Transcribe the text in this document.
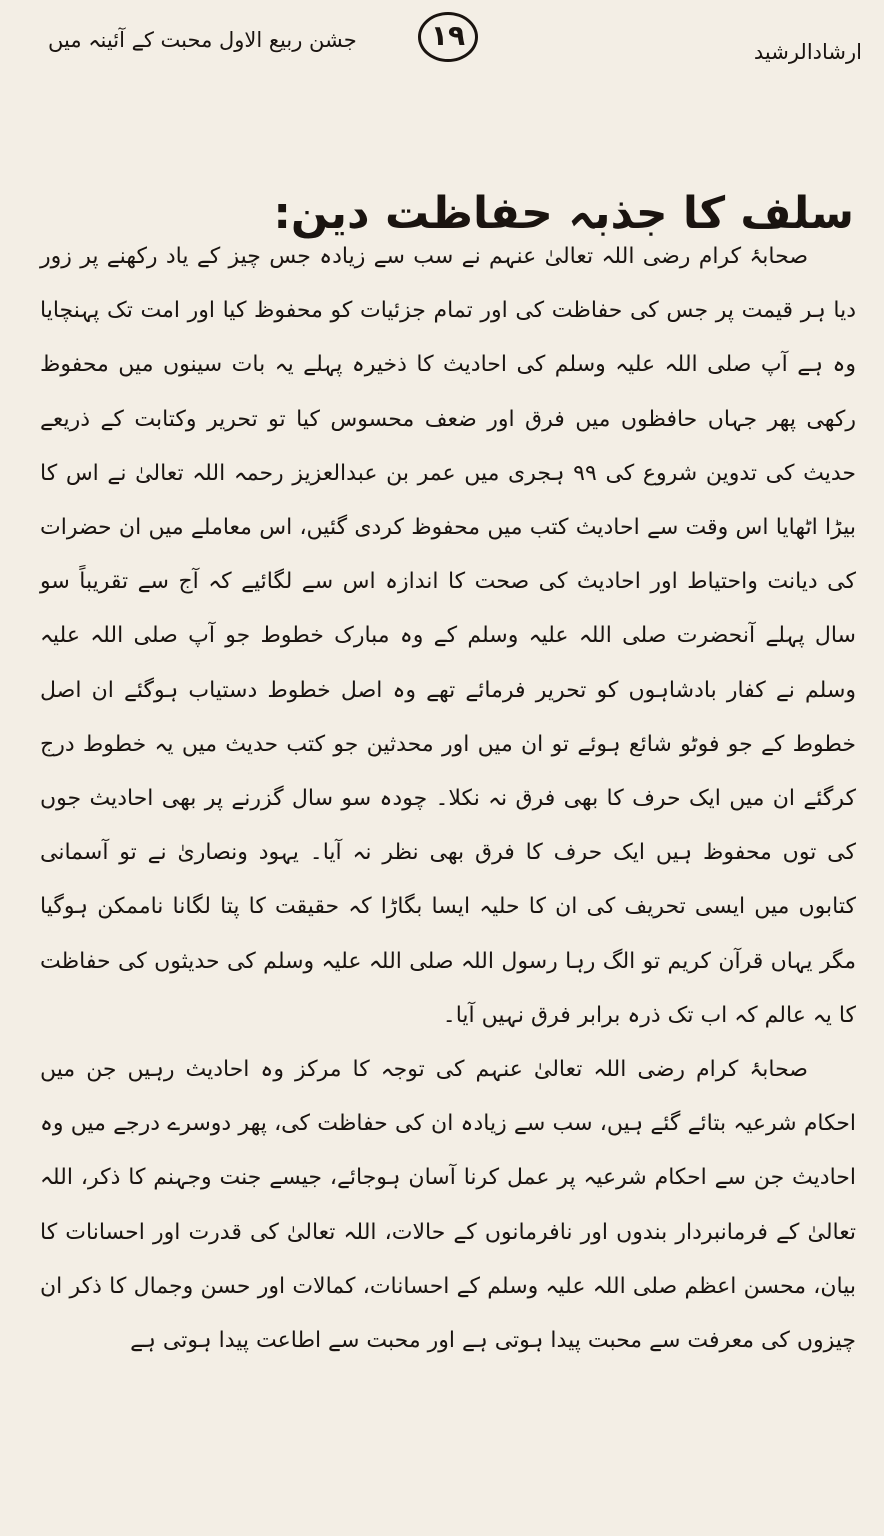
ارشادالرشید
۱۹
جشن ربیع الاول محبت کے آئینہ میں
سلف کا جذبہ حفاظت دین:

صحابۂ کرام رضی اللہ تعالیٰ عنہم نے سب سے زیادہ جس چیز کے یاد رکھنے پر زور دیا ہر قیمت پر جس کی حفاظت کی اور تمام جزئیات کو محفوظ کیا اور امت تک پہنچایا وہ ہے آپ صلی اللہ علیہ وسلم کی احادیث کا ذخیرہ پہلے یہ بات سینوں میں محفوظ رکھی پھر جہاں حافظوں میں فرق اور ضعف محسوس کیا تو تحریر وکتابت کے ذریعے حدیث کی تدوین شروع کی ۹۹ ہجری میں عمر بن عبدالعزیز رحمہ اللہ تعالیٰ نے اس کا بیڑا اٹھایا اس وقت سے احادیث کتب میں محفوظ کردی گئیں، اس معاملے میں ان حضرات کی دیانت واحتیاط اور احادیث کی صحت کا اندازہ اس سے لگائیے کہ آج سے تقریباً سو سال پہلے آنحضرت صلی اللہ علیہ وسلم کے وہ مبارک خطوط جو آپ صلی اللہ علیہ وسلم نے کفار بادشاہوں کو تحریر فرمائے تھے وہ اصل خطوط دستیاب ہوگئے ان اصل خطوط کے جو فوٹو شائع ہوئے تو ان میں اور محدثین جو کتب حدیث میں یہ خطوط درج کرگئے ان میں ایک حرف کا بھی فرق نہ نکلا۔ چودہ سو سال گزرنے پر بھی احادیث جوں کی توں محفوظ ہیں ایک حرف کا فرق بھی نظر نہ آیا۔ یہود ونصاریٰ نے تو آسمانی کتابوں میں ایسی تحریف کی ان کا حلیہ ایسا بگاڑا کہ حقیقت کا پتا لگانا ناممکن ہوگیا مگر یہاں قرآن کریم تو الگ رہا رسول اللہ صلی اللہ علیہ وسلم کی حدیثوں کی حفاظت کا یہ عالم کہ اب تک ذرہ برابر فرق نہیں آیا۔

صحابۂ کرام رضی اللہ تعالیٰ عنہم کی توجہ کا مرکز وہ احادیث رہیں جن میں احکام شرعیہ بتائے گئے ہیں، سب سے زیادہ ان کی حفاظت کی، پھر دوسرے درجے میں وہ احادیث جن سے احکام شرعیہ پر عمل کرنا آسان ہوجائے، جیسے جنت وجہنم کا ذکر، اللہ تعالیٰ کے فرمانبردار بندوں اور نافرمانوں کے حالات، اللہ تعالیٰ کی قدرت اور احسانات کا بیان، محسن اعظم صلی اللہ علیہ وسلم کے احسانات، کمالات اور حسن وجمال کا ذکر ان چیزوں کی معرفت سے محبت پیدا ہوتی ہے اور محبت سے اطاعت پیدا ہوتی ہے
